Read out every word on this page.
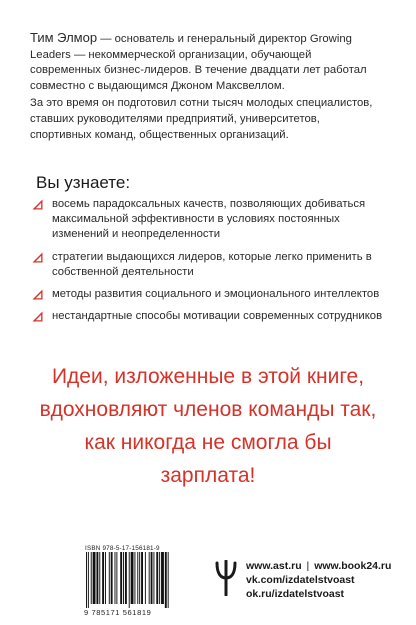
Тим Элмор — основатель и генеральный директор Growing Leaders — некоммерческой организации, обучающей современных бизнес-лидеров. В течение двадцати лет работал совместно с выдающимся Джоном Максвеллом.

За это время он подготовил сотни тысяч молодых специалистов, ставших руководителями предприятий, университетов, спортивных команд, общественных организаций.

Вы узнаете:
восемь парадоксальных качеств, позволяющих добиваться максимальной эффективности в условиях постоянных изменений и неопределенности
стратегии выдающихся лидеров, которые легко применить в собственной деятельности
методы развития социального и эмоционального интеллектов
нестандартные способы мотивации современных сотрудников
Идеи, изложенные в этой книге,
вдохновляют членов команды так,
как никогда не смогла бы
зарплата!
ISBN 978-5-17-156181-9
9 785171 561819
www.ast.ru | www.book24.ru
vk.com/izdatelstvoast
ok.ru/izdatelstvoast
